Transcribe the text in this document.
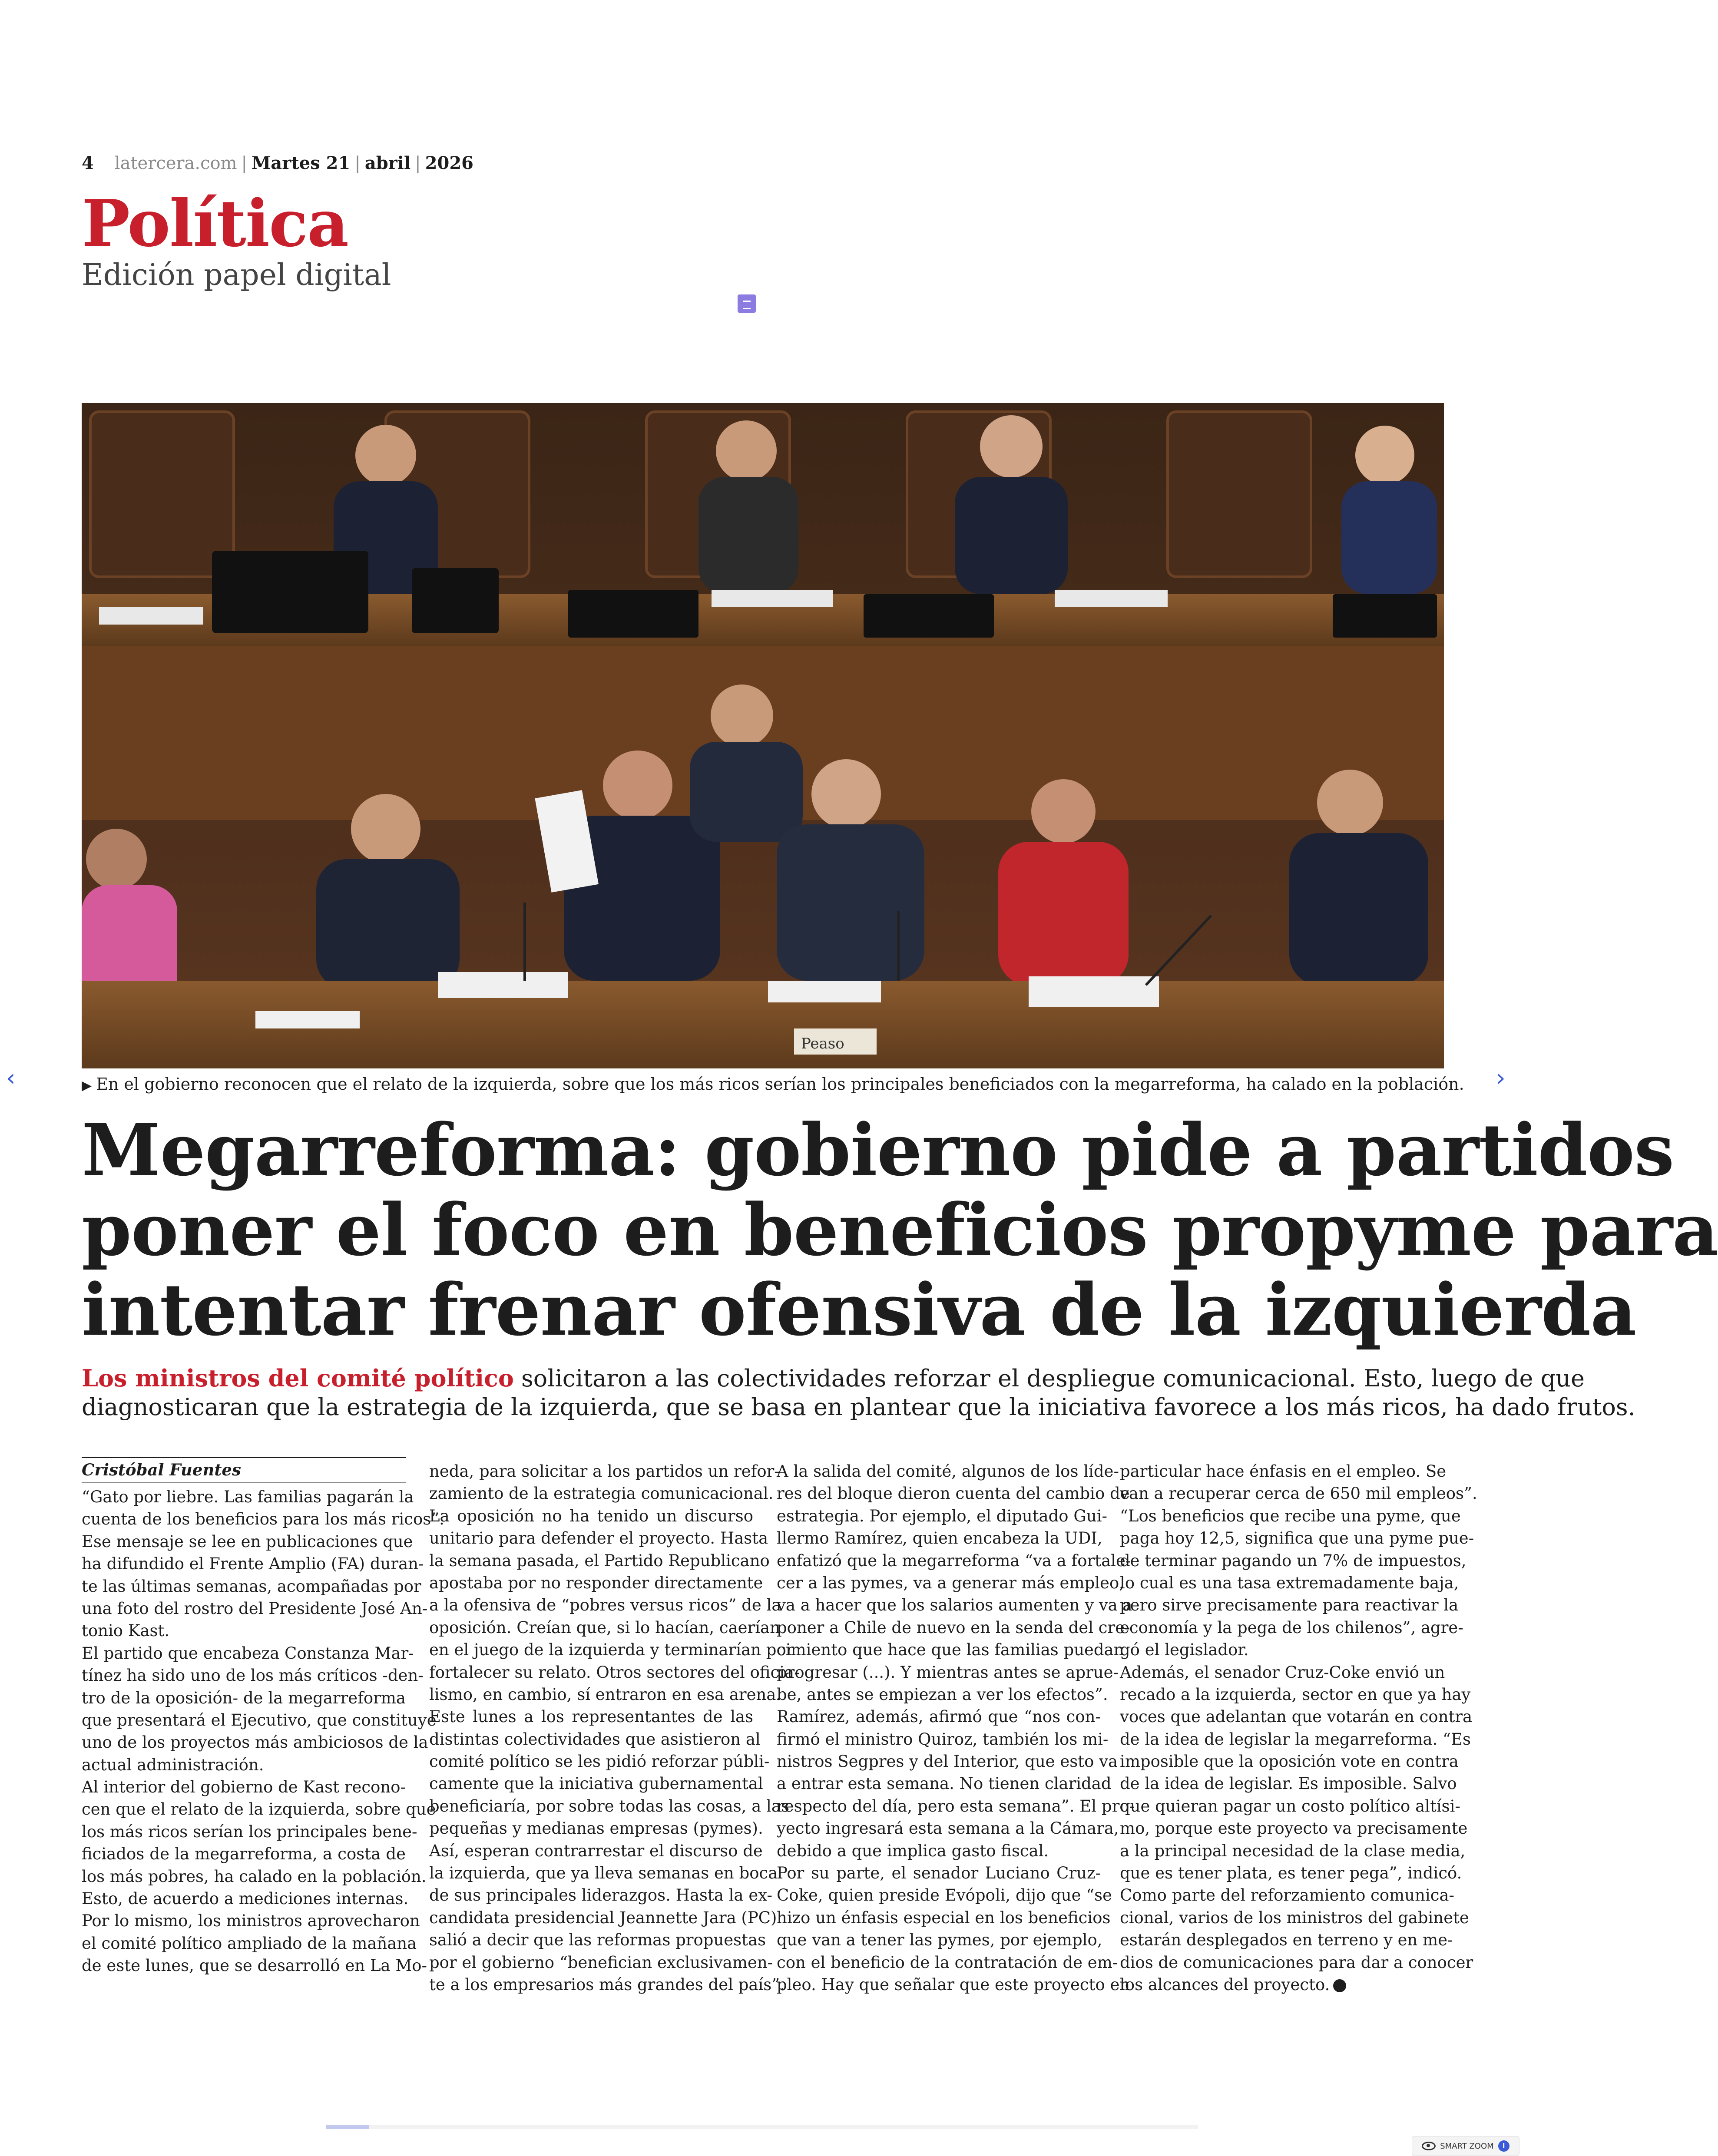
4 latercera.com | Martes 21 | abril | 2026
Política
Edición papel digital
Peaso
▶ En el gobierno reconocen que el relato de la izquierda, sobre que los más ricos serían los principales beneficiados con la megarreforma, ha calado en la población.
Megarreforma: gobierno pide a partidos
poner el foco en beneficios propyme para
intentar frenar ofensiva de la izquierda
Los ministros del comité político solicitaron a las colectividades reforzar el despliegue comunicacional. Esto, luego de que
diagnosticaran que la estrategia de la izquierda, que se basa en plantear que la iniciativa favorece a los más ricos, ha dado frutos.
Cristóbal Fuentes
“Gato por liebre. Las familias pagarán la
cuenta de los beneficios para los más ricos”.
Ese mensaje se lee en publicaciones que
ha difundido el Frente Amplio (FA) duran-
te las últimas semanas, acompañadas por
una foto del rostro del Presidente José An-
tonio Kast.
El partido que encabeza Constanza Mar-
tínez ha sido uno de los más críticos -den-
tro de la oposición- de la megarreforma
que presentará el Ejecutivo, que constituye
uno de los proyectos más ambiciosos de la
actual administración.
Al interior del gobierno de Kast recono-
cen que el relato de la izquierda, sobre que
los más ricos serían los principales bene-
ficiados de la megarreforma, a costa de
los más pobres, ha calado en la población.
Esto, de acuerdo a mediciones internas.
Por lo mismo, los ministros aprovecharon
el comité político ampliado de la mañana
de este lunes, que se desarrolló en La Mo-
neda, para solicitar a los partidos un refor-
zamiento de la estrategia comunicacional.
La oposición no ha tenido un discurso
unitario para defender el proyecto. Hasta
la semana pasada, el Partido Republicano
apostaba por no responder directamente
a la ofensiva de “pobres versus ricos” de la
oposición. Creían que, si lo hacían, caerían
en el juego de la izquierda y terminarían por
fortalecer su relato. Otros sectores del oficia-
lismo, en cambio, sí entraron en esa arena.
Este lunes a los representantes de las
distintas colectividades que asistieron al
comité político se les pidió reforzar públi-
camente que la iniciativa gubernamental
beneficiaría, por sobre todas las cosas, a las
pequeñas y medianas empresas (pymes).
Así, esperan contrarrestar el discurso de
la izquierda, que ya lleva semanas en boca
de sus principales liderazgos. Hasta la ex-
candidata presidencial Jeannette Jara (PC)
salió a decir que las reformas propuestas
por el gobierno “benefician exclusivamen-
te a los empresarios más grandes del país”.
A la salida del comité, algunos de los líde-
res del bloque dieron cuenta del cambio de
estrategia. Por ejemplo, el diputado Gui-
llermo Ramírez, quien encabeza la UDI,
enfatizó que la megarreforma “va a fortale-
cer a las pymes, va a generar más empleo,
va a hacer que los salarios aumenten y va a
poner a Chile de nuevo en la senda del cre-
cimiento que hace que las familias puedan
progresar (...). Y mientras antes se aprue-
be, antes se empiezan a ver los efectos”.
Ramírez, además, afirmó que “nos con-
firmó el ministro Quiroz, también los mi-
nistros Segpres y del Interior, que esto va
a entrar esta semana. No tienen claridad
respecto del día, pero esta semana”. El pro-
yecto ingresará esta semana a la Cámara,
debido a que implica gasto fiscal.
Por su parte, el senador Luciano Cruz-
Coke, quien preside Evópoli, dijo que “se
hizo un énfasis especial en los beneficios
que van a tener las pymes, por ejemplo,
con el beneficio de la contratación de em-
pleo. Hay que señalar que este proyecto en
particular hace énfasis en el empleo. Se
van a recuperar cerca de 650 mil empleos”.
“Los beneficios que recibe una pyme, que
paga hoy 12,5, significa que una pyme pue-
de terminar pagando un 7% de impuestos,
lo cual es una tasa extremadamente baja,
pero sirve precisamente para reactivar la
economía y la pega de los chilenos”, agre-
gó el legislador.
Además, el senador Cruz-Coke envió un
recado a la izquierda, sector en que ya hay
voces que adelantan que votarán en contra
de la idea de legislar la megarreforma. “Es
imposible que la oposición vote en contra
de la idea de legislar. Es imposible. Salvo
que quieran pagar un costo político altísi-
mo, porque este proyecto va precisamente
a la principal necesidad de la clase media,
que es tener plata, es tener pega”, indicó.
Como parte del reforzamiento comunica-
cional, varios de los ministros del gabinete
estarán desplegados en terreno y en me-
dios de comunicaciones para dar a conocer
los alcances del proyecto.
‹	›
SMART ZOOM	i
